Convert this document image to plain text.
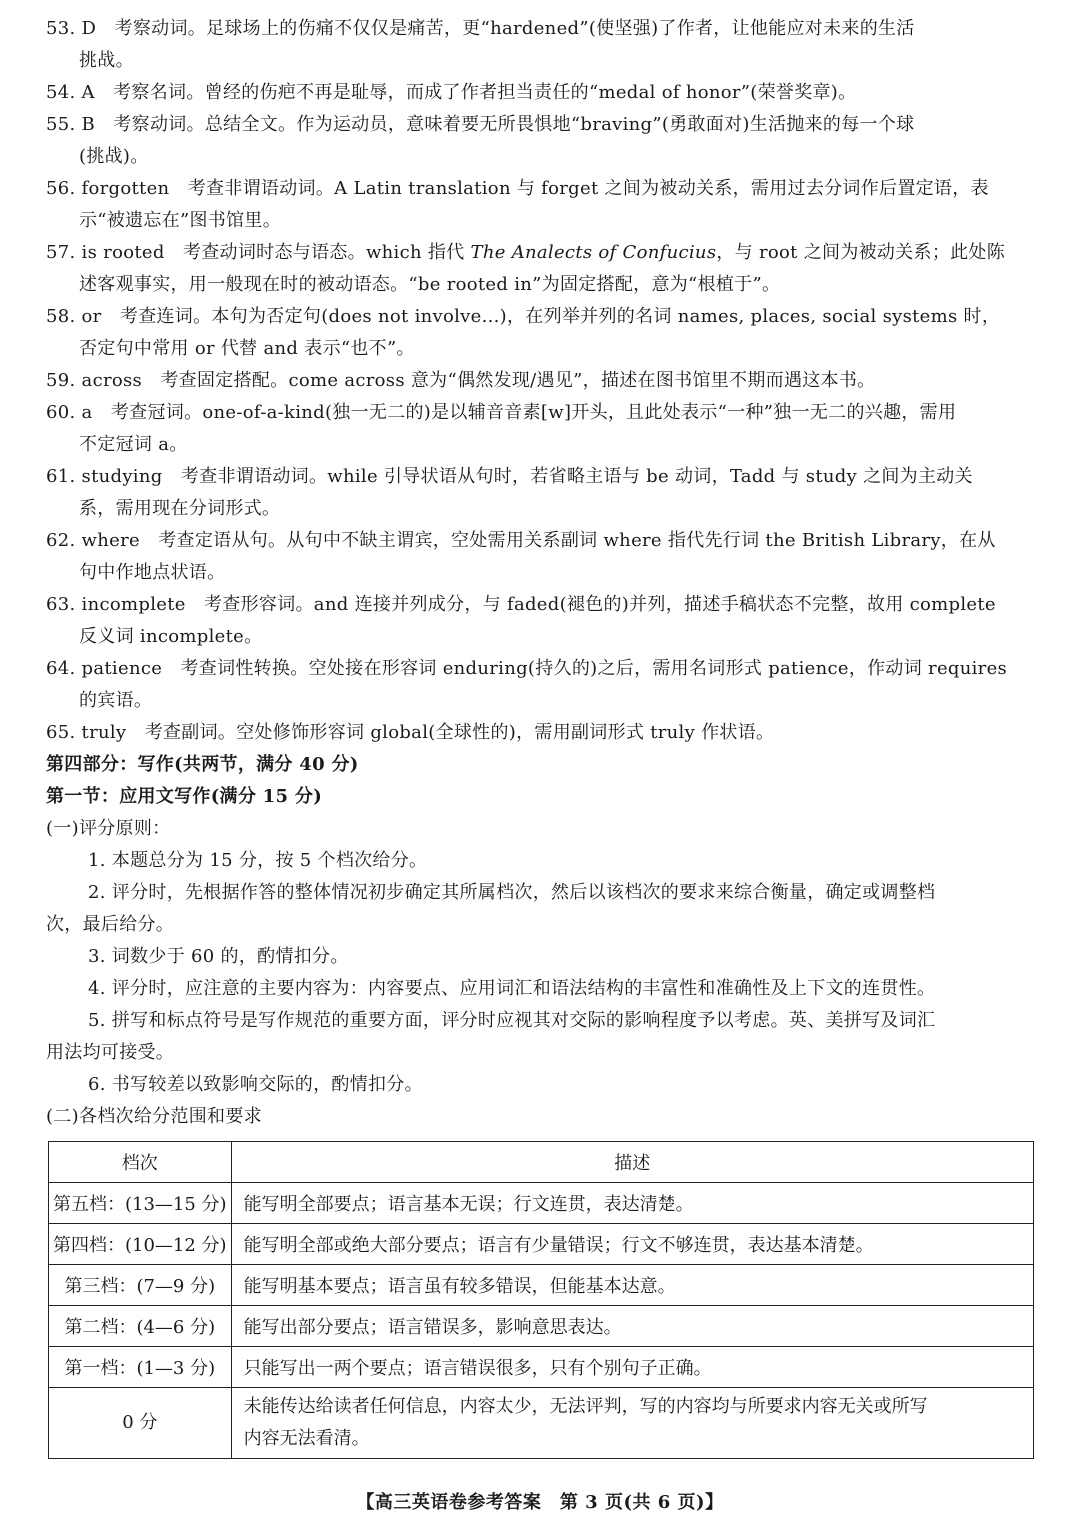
53. D　考察动词。足球场上的伤痛不仅仅是痛苦，更“hardened”(使坚强)了作者，让他能应对未来的生活
挑战。
54. A　考察名词。曾经的伤疤不再是耻辱，而成了作者担当责任的“medal of honor”(荣誉奖章)。
55. B　考察动词。总结全文。作为运动员，意味着要无所畏惧地“braving”(勇敢面对)生活抛来的每一个球
(挑战)。
56. forgotten　考查非谓语动词。A Latin translation 与 forget 之间为被动关系，需用过去分词作后置定语，表
示“被遗忘在”图书馆里。
57. is rooted　考查动词时态与语态。which 指代 The Analects of Confucius，与 root 之间为被动关系；此处陈
述客观事实，用一般现在时的被动语态。“be rooted in”为固定搭配，意为“根植于”。
58. or　考查连词。本句为否定句(does not involve...)，在列举并列的名词 names, places, social systems 时，
否定句中常用 or 代替 and 表示“也不”。
59. across　考查固定搭配。come across 意为“偶然发现/遇见”，描述在图书馆里不期而遇这本书。
60. a　考查冠词。one-of-a-kind(独一无二的)是以辅音音素[w]开头，且此处表示“一种”独一无二的兴趣，需用
不定冠词 a。
61. studying　考查非谓语动词。while 引导状语从句时，若省略主语与 be 动词，Tadd 与 study 之间为主动关
系，需用现在分词形式。
62. where　考查定语从句。从句中不缺主谓宾，空处需用关系副词 where 指代先行词 the British Library，在从
句中作地点状语。
63. incomplete　考查形容词。and 连接并列成分，与 faded(褪色的)并列，描述手稿状态不完整，故用 complete
反义词 incomplete。
64. patience　考查词性转换。空处接在形容词 enduring(持久的)之后，需用名词形式 patience，作动词 requires
的宾语。
65. truly　考查副词。空处修饰形容词 global(全球性的)，需用副词形式 truly 作状语。
第四部分：写作(共两节，满分 40 分)
第一节：应用文写作(满分 15 分)
(一)评分原则：
1. 本题总分为 15 分，按 5 个档次给分。
2. 评分时，先根据作答的整体情况初步确定其所属档次，然后以该档次的要求来综合衡量，确定或调整档
次，最后给分。
3. 词数少于 60 的，酌情扣分。
4. 评分时，应注意的主要内容为：内容要点、应用词汇和语法结构的丰富性和准确性及上下文的连贯性。
5. 拼写和标点符号是写作规范的重要方面，评分时应视其对交际的影响程度予以考虑。英、美拼写及词汇
用法均可接受。
6. 书写较差以致影响交际的，酌情扣分。
(二)各档次给分范围和要求
档次	描述
第五档：(13—15 分)	能写明全部要点；语言基本无误；行文连贯，表达清楚。
第四档：(10—12 分)	能写明全部或绝大部分要点；语言有少量错误；行文不够连贯，表达基本清楚。
第三档：(7—9 分)	能写明基本要点；语言虽有较多错误，但能基本达意。
第二档：(4—6 分)	能写出部分要点；语言错误多，影响意思表达。
第一档：(1—3 分)	只能写出一两个要点；语言错误很多，只有个别句子正确。
0 分	未能传达给读者任何信息，内容太少，无法评判，写的内容均与所要求内容无关或所写
内容无法看清。
【高三英语卷参考答案　第 3 页(共 6 页)】
